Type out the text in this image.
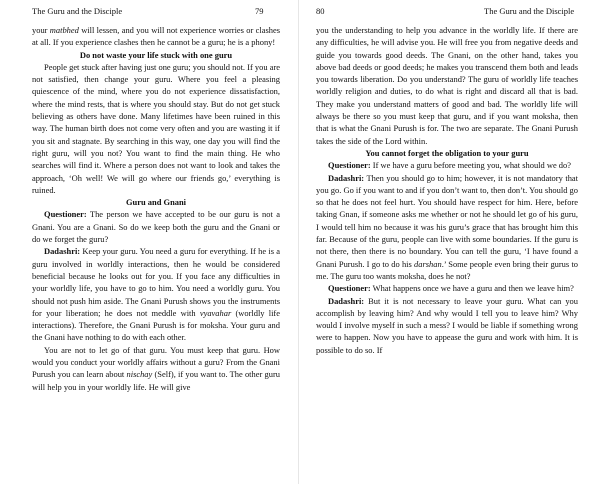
The Guru and the Disciple	79

your matbhed will lessen, and you will not experience worries or clashes at all. If you experience clashes then he cannot be a guru; he is a phony!

Do not waste your life stuck with one guru

People get stuck after having just one guru; you should not. If you are not satisfied, then change your guru. Where you feel a pleasing quiescence of the mind, where you do not experience dissatisfaction, where the mind rests, that is where you should stay. But do not get stuck believing as others have done. Many lifetimes have been ruined in this way. The human birth does not come very often and you are wasting it if you sit and stagnate. By searching in this way, one day you will find the right guru, will you not? You want to find the main thing. He who searches will find it. Where a person does not want to look and takes the approach, ‘Oh well! We will go where our friends go,’ everything is ruined.

Guru and Gnani

Questioner: The person we have accepted to be our guru is not a Gnani. You are a Gnani. So do we keep both the guru and the Gnani or do we forget the guru?

Dadashri: Keep your guru. You need a guru for everything. If he is a guru involved in worldly interactions, then he would be considered beneficial because he looks out for you. If you face any difficulties in your worldly life, you have to go to him. You need a worldly guru. You should not push him aside. The Gnani Purush shows you the instruments for your liberation; he does not meddle with vyavahar (worldly life interactions). Therefore, the Gnani Purush is for moksha. Your guru and the Gnani have nothing to do with each other.

You are not to let go of that guru. You must keep that guru. How would you conduct your worldly affairs without a guru? From the Gnani Purush you can learn about nischay (Self), if you want to. The other guru will help you in your worldly life. He will give

80	The Guru and the Disciple

you the understanding to help you advance in the worldly life. If there are any difficulties, he will advise you. He will free you from negative deeds and guide you towards good deeds. The Gnani, on the other hand, takes you above bad deeds or good deeds; he makes you transcend them both and leads you towards liberation. Do you understand? The guru of worldly life teaches worldly religion and duties, to do what is right and discard all that is bad. They make you understand matters of good and bad. The worldly life will always be there so you must keep that guru, and if you want moksha, then that is what the Gnani Purush is for. The two are separate. The Gnani Purush takes the side of the Lord within.

You cannot forget the obligation to your guru

Questioner: If we have a guru before meeting you, what should we do?

Dadashri: Then you should go to him; however, it is not mandatory that you go. Go if you want to and if you don’t want to, then don’t. You should go so that he does not feel hurt. You should have respect for him. Here, before taking Gnan, if someone asks me whether or not he should let go of his guru, I would tell him no because it was his guru’s grace that has brought him this far. Because of the guru, people can live with some boundaries. If the guru is not there, then there is no boundary. You can tell the guru, ‘I have found a Gnani Purush. I go to do his darshan.’ Some people even bring their gurus to me. The guru too wants moksha, does he not?

Questioner: What happens once we have a guru and then we leave him?

Dadashri: But it is not necessary to leave your guru. What can you accomplish by leaving him? And why would I tell you to leave him? Why would I involve myself in such a mess? I would be liable if something wrong were to happen. Now you have to appease the guru and work with him. It is possible to do so. If
